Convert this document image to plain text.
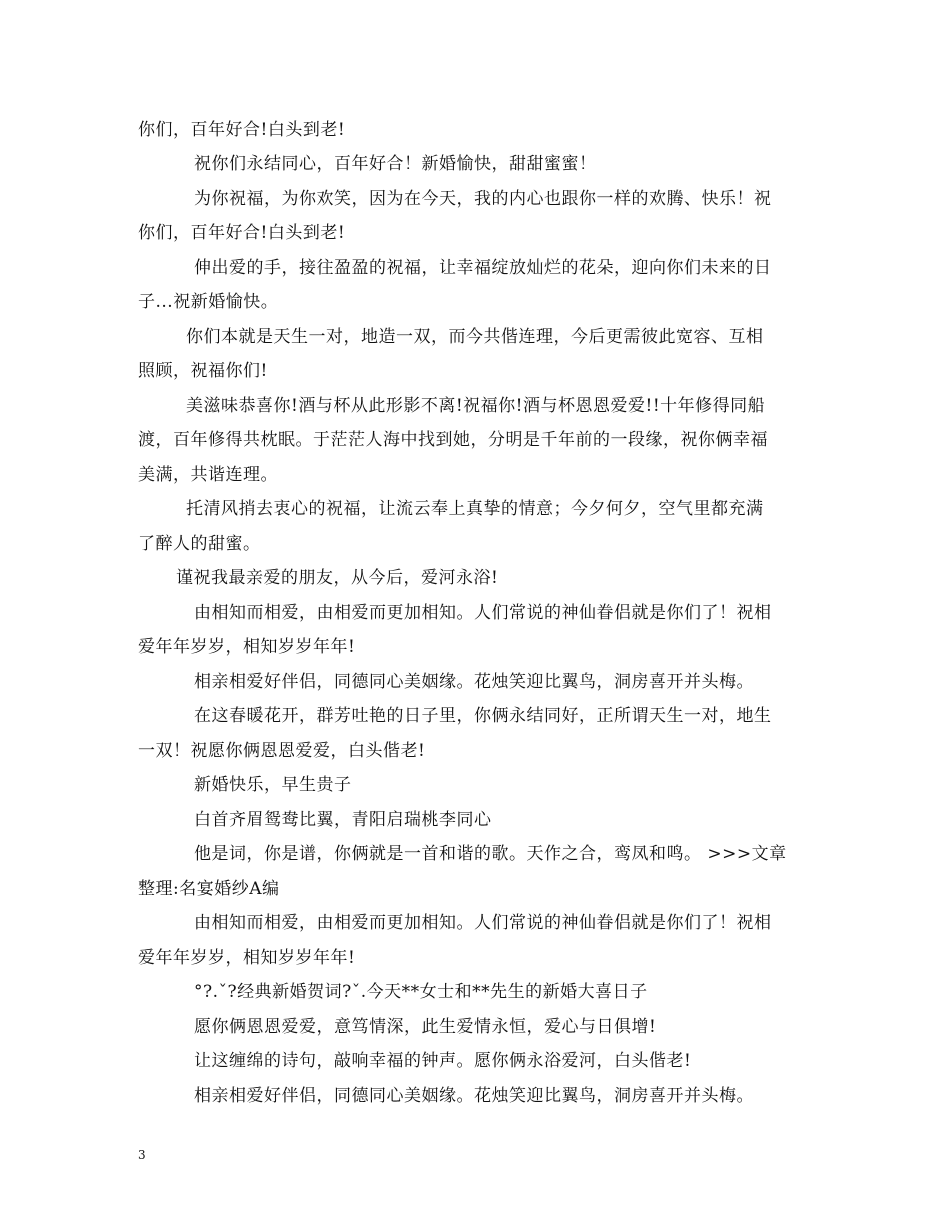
你们，百年好合!白头到老!
祝你们永结同心，百年好合！新婚愉快，甜甜蜜蜜！
为你祝福，为你欢笑，因为在今天，我的内心也跟你一样的欢腾、快乐！祝
你们，百年好合!白头到老!
伸出爱的手，接往盈盈的祝福，让幸福绽放灿烂的花朵，迎向你们未来的日
子...祝新婚愉快。
你们本就是天生一对，地造一双，而今共偕连理，今后更需彼此宽容、互相
照顾，祝福你们!
美滋味恭喜你!酒与杯从此形影不离!祝福你!酒与杯恩恩爱爱!!十年修得同船
渡，百年修得共枕眠。于茫茫人海中找到她，分明是千年前的一段缘，祝你俩幸福
美满，共谐连理。
托清风捎去衷心的祝福，让流云奉上真挚的情意；今夕何夕，空气里都充满
了醉人的甜蜜。
谨祝我最亲爱的朋友，从今后，爱河永浴!
由相知而相爱，由相爱而更加相知。人们常说的神仙眷侣就是你们了！祝相
爱年年岁岁，相知岁岁年年!
相亲相爱好伴侣，同德同心美姻缘。花烛笑迎比翼鸟，洞房喜开并头梅。
在这春暖花开，群芳吐艳的日子里，你俩永结同好，正所谓天生一对，地生
一双！祝愿你俩恩恩爱爱，白头偕老!
新婚快乐，早生贵子
白首齐眉鸳鸯比翼，青阳启瑞桃李同心
他是词，你是谱，你俩就是一首和谐的歌。天作之合，鸾凤和鸣。 >>>文章
整理:名宴婚纱A编
由相知而相爱，由相爱而更加相知。人们常说的神仙眷侣就是你们了！祝相
爱年年岁岁，相知岁岁年年!
°?.ˇ?经典新婚贺词?ˇ.今天**女士和**先生的新婚大喜日子
愿你俩恩恩爱爱，意笃情深，此生爱情永恒，爱心与日俱增!
让这缠绵的诗句，敲响幸福的钟声。愿你俩永浴爱河，白头偕老!
相亲相爱好伴侣，同德同心美姻缘。花烛笑迎比翼鸟，洞房喜开并头梅。
3
